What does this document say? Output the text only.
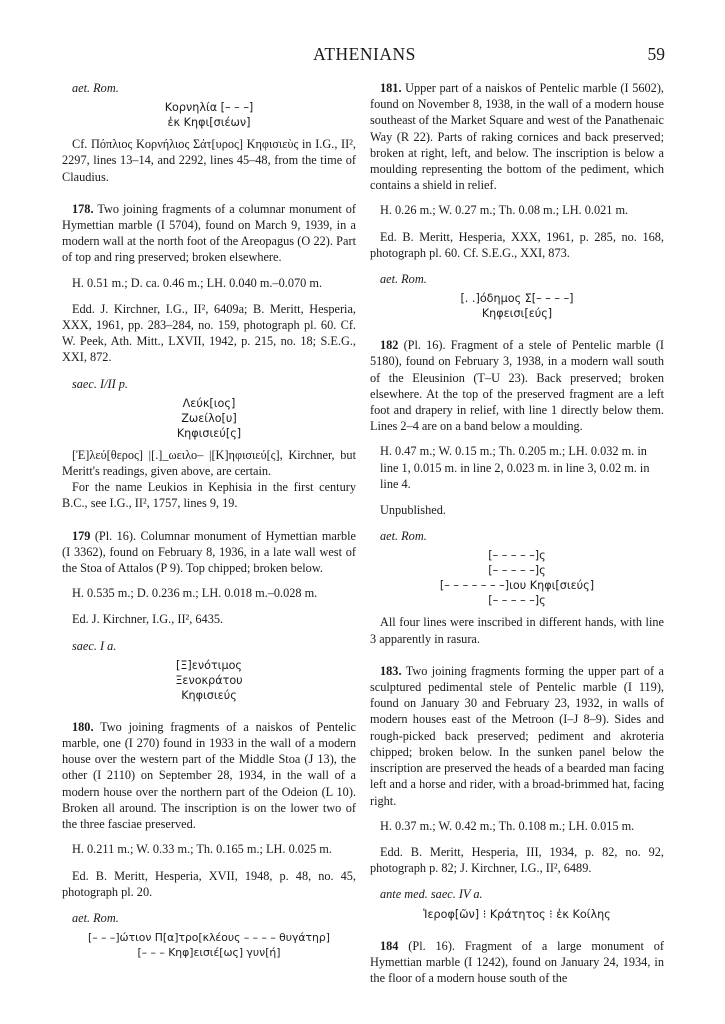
ATHENIANS	59
aet. Rom.
Κορνηλία [– – –]
ἐκ Κηφι[σιέων]

Cf. Πόπλιος Κορνήλιος Σάτ[υρος] Κηφισιεὺς in I.G., II², 2297, lines 13–14, and 2292, lines 45–48, from the time of Claudius.

178. Two joining fragments of a columnar monument of Hymettian marble (I 5704), found on March 9, 1939, in a modern wall at the north foot of the Areopagus (O 22). Part of top and ring preserved; broken elsewhere.

H. 0.51 m.; D. ca. 0.46 m.; LH. 0.040 m.–0.070 m.

Edd. J. Kirchner, I.G., II², 6409a; B. Meritt, Hesperia, XXX, 1961, pp. 283–284, no. 159, photograph pl. 60. Cf. W. Peek, Ath. Mitt., LXVII, 1942, p. 215, no. 18; S.E.G., XXI, 872.

saec. I/II p.
Λεύκ[ιος]
Ζωείλο[υ]
Κηφισιεύ[ς]

[Ἐ]λεύ[θερος] |[.]_ωειλο– |[Κ]ηφισιεύ[ς], Kirchner, but Meritt's readings, given above, are certain.

For the name Leukios in Kephisia in the first century B.C., see I.G., II², 1757, lines 9, 19.

179 (Pl. 16). Columnar monument of Hymettian marble (I 3362), found on February 8, 1936, in a late wall west of the Stoa of Attalos (P 9). Top chipped; broken below.

H. 0.535 m.; D. 0.236 m.; LH. 0.018 m.–0.028 m.

Ed. J. Kirchner, I.G., II², 6435.

saec. I a.
[Ξ]ενότιμος
Ξενοκράτου
Κηφισιεύς

180. Two joining fragments of a naiskos of Pentelic marble, one (I 270) found in 1933 in the wall of a modern house over the western part of the Middle Stoa (J 13), the other (I 2110) on September 28, 1934, in the wall of a modern house over the northern part of the Odeion (L 10). Broken all around. The inscription is on the lower two of the three fasciae preserved.

H. 0.211 m.; W. 0.33 m.; Th. 0.165 m.; LH. 0.025 m.

Ed. B. Meritt, Hesperia, XVII, 1948, p. 48, no. 45, photograph pl. 20.

aet. Rom.
[– – –]ώτιον Π[α]τρο[κλέους – – – – θυγάτηρ]
[– – – Κηφ]εισιέ[ως] γυν[ή]

181. Upper part of a naiskos of Pentelic marble (I 5602), found on November 8, 1938, in the wall of a modern house southeast of the Market Square and west of the Panathenaic Way (R 22). Parts of raking cornices and back preserved; broken at right, left, and below. The inscription is below a moulding representing the bottom of the pediment, which contains a shield in relief.

H. 0.26 m.; W. 0.27 m.; Th. 0.08 m.; LH. 0.021 m.

Ed. B. Meritt, Hesperia, XXX, 1961, p. 285, no. 168, photograph pl. 60. Cf. S.E.G., XXI, 873.

aet. Rom.
[. .]όδημος Σ[– – – –]
Κηφεισι[εύς]

182 (Pl. 16). Fragment of a stele of Pentelic marble (I 5180), found on February 3, 1938, in a modern wall south of the Eleusinion (T–U 23). Back preserved; broken elsewhere. At the top of the preserved fragment are a left foot and drapery in relief, with line 1 directly below them. Lines 2–4 are on a band below a moulding.

H. 0.47 m.; W. 0.15 m.; Th. 0.205 m.; LH. 0.032 m. in line 1, 0.015 m. in line 2, 0.023 m. in line 3, 0.02 m. in line 4.

Unpublished.

aet. Rom.
[– – – – –]ς
[– – – – –]ς
[– – – – – – –]ιου Κηφι[σιεύς]
[– – – – –]ς

All four lines were inscribed in different hands, with line 3 apparently in rasura.

183. Two joining fragments forming the upper part of a sculptured pedimental stele of Pentelic marble (I 119), found on January 30 and February 23, 1932, in walls of modern houses east of the Metroon (I–J 8–9). Sides and rough-picked back preserved; pediment and akroteria chipped; broken below. In the sunken panel below the inscription are preserved the heads of a bearded man facing left and a horse and rider, with a broad-brimmed hat, facing right.

H. 0.37 m.; W. 0.42 m.; Th. 0.108 m.; LH. 0.015 m.

Edd. B. Meritt, Hesperia, III, 1934, p. 82, no. 92, photograph p. 82; J. Kirchner, I.G., II², 6489.

ante med. saec. IV a.
Ἱεροφ[ῶν] ⁝ Κράτητος ⁝ ἐκ Κοίλης

184 (Pl. 16). Fragment of a large monument of Hymettian marble (I 1242), found on January 24, 1934, in the floor of a modern house south of the
